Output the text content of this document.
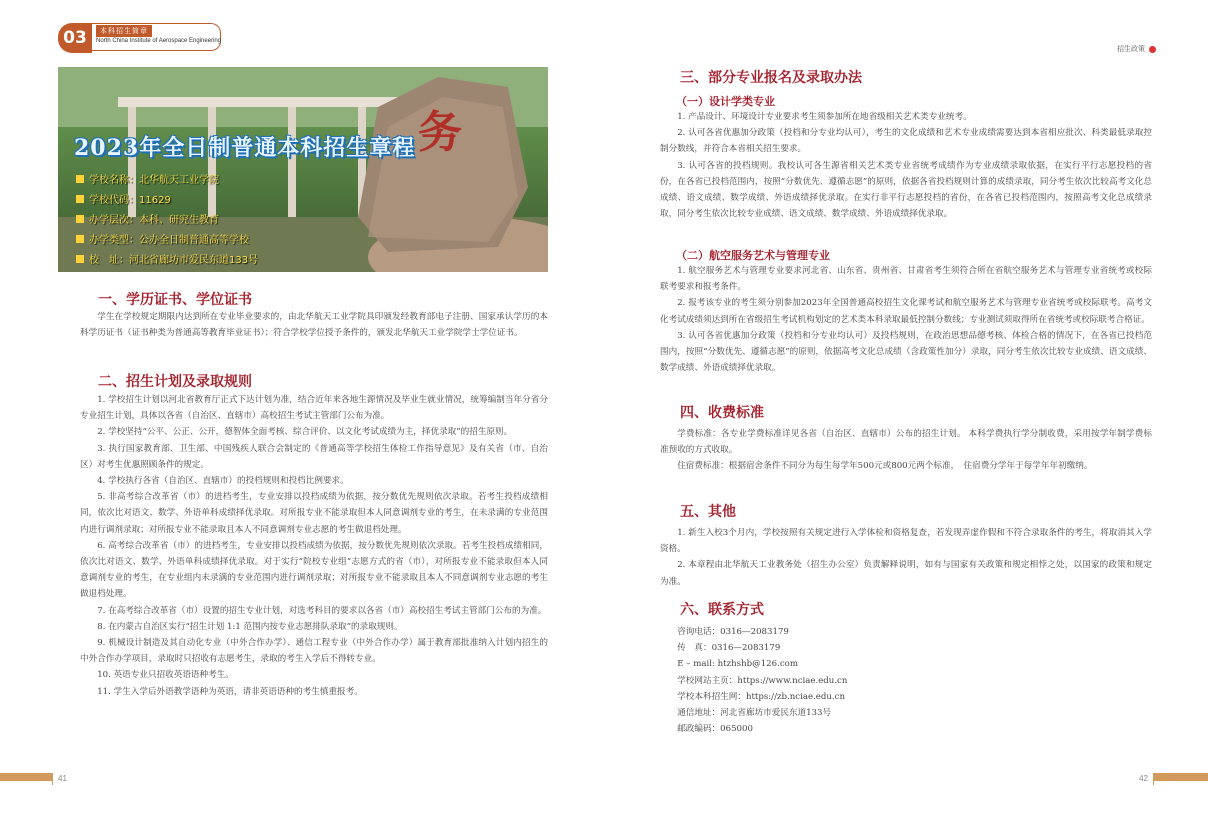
03	本科招生简章
North China Institute of Aerospace Engineering
务
2023年全日制普通本科招生章程
学校名称：北华航天工业学院
学校代码：11629
办学层次：本科、研究生教育
办学类型：公办全日制普通高等学校
校　址：河北省廊坊市爱民东道133号
一、学历证书、学位证书

学生在学校规定期限内达到所在专业毕业要求的，由北华航天工业学院具印颁发经教育部电子注册、国家承认学历的本科学历证书（证书种类为普通高等教育毕业证书）；符合学校学位授予条件的，颁发北华航天工业学院学士学位证书。

二、招生计划及录取规则

1. 学校招生计划以河北省教育厅正式下达计划为准，结合近年来各地生源情况及毕业生就业情况，统筹编制当年分省分专业招生计划，具体以各省（自治区、直辖市）高校招生考试主管部门公布为准。

2. 学校坚持“公平、公正、公开，德智体全面考核、综合评价、以文化考试成绩为主，择优录取”的招生原则。

3. 执行国家教育部、卫生部、中国残疾人联合会制定的《普通高等学校招生体检工作指导意见》及有关省（市、自治区）对考生优惠照顾条件的规定。

4. 学校执行各省（自治区、直辖市）的投档规则和投档比例要求。

5. 非高考综合改革省（市）的进档考生，专业安排以投档成绩为依据，按分数优先规则依次录取。若考生投档成绩相同，依次比对语文、数学、外语单科成绩择优录取。对所报专业不能录取但本人同意调剂专业的考生，在未录满的专业范围内进行调剂录取；对所报专业不能录取且本人不同意调剂专业志愿的考生做退档处理。

6. 高考综合改革省（市）的进档考生，专业安排以投档成绩为依据，按分数优先规则依次录取。若考生投档成绩相同，依次比对语文、数学、外语单科成绩择优录取。对于实行“院校专业组”志愿方式的省（市），对所报专业不能录取但本人同意调剂专业的考生，在专业组内未录满的专业范围内进行调剂录取；对所报专业不能录取且本人不同意调剂专业志愿的考生做退档处理。

7. 在高考综合改革省（市）设置的招生专业计划，对选考科目的要求以各省（市）高校招生考试主管部门公布的为准。

8. 在内蒙古自治区实行“招生计划 1:1 范围内按专业志愿排队录取”的录取规则。

9. 机械设计制造及其自动化专业（中外合作办学）、通信工程专业（中外合作办学）属于教育部批准纳入计划内招生的中外合作办学项目，录取时只招收有志愿考生，录取的考生入学后不得转专业。

10. 英语专业只招收英语语种考生。

11. 学生入学后外语教学语种为英语，请非英语语种的考生慎重报考。

41
招生政策
三、部分专业报名及录取办法
（一）设计学类专业

1. 产品设计、环境设计专业要求考生须参加所在地省级相关艺术类专业统考。

2. 认可各省优惠加分政策（投档和分专业均认可），考生的文化成绩和艺术专业成绩需要达到本省相应批次、科类最低录取控制分数线，并符合本省相关招生要求。

3. 认可各省的投档规则。我校认可各生源省相关艺术类专业省统考成绩作为专业成绩录取依据，在实行平行志愿投档的省份，在各省已投档范围内，按照“分数优先、遵循志愿”的原则，依据各省投档规则计算的成绩录取，同分考生依次比较高考文化总成绩、语文成绩、数学成绩、外语成绩择优录取。在实行非平行志愿投档的省份，在各省已投档范围内，按照高考文化总成绩录取，同分考生依次比较专业成绩、语文成绩、数学成绩、外语成绩择优录取。

（二）航空服务艺术与管理专业

1. 航空服务艺术与管理专业要求河北省、山东省、贵州省、甘肃省考生须符合所在省航空服务艺术与管理专业省统考或校际联考要求和报考条件。

2. 报考该专业的考生须分别参加2023年全国普通高校招生文化课考试和航空服务艺术与管理专业省统考或校际联考。高考文化考试成绩须达到所在省级招生考试机构划定的艺术类本科录取最低控制分数线；专业测试须取得所在省统考或校际联考合格证。

3. 认可各省优惠加分政策（投档和分专业均认可）及投档规则，在政治思想品德考核、体检合格的情况下，在各省已投档范围内，按照“分数优先、遵循志愿”的原则，依据高考文化总成绩（含政策性加分）录取，同分考生依次比较专业成绩、语文成绩、数学成绩、外语成绩择优录取。

四、收费标准

学费标准：各专业学费标准详见各省（自治区、直辖市）公布的招生计划。 本科学费执行学分制收费，采用按学年制学费标准预收的方式收取。

住宿费标准：根据宿舍条件不同分为每生每学年500元或800元两个标准，　住宿费分学年于每学年年初缴纳。

五、其他

1. 新生入校3个月内，学校按照有关规定进行入学体检和资格复查，若发现弄虚作假和不符合录取条件的考生，将取消其入学资格。

2. 本章程由北华航天工业教务处（招生办公室）负责解释说明，如有与国家有关政策和规定相悖之处，以国家的政策和规定为准。

六、联系方式

咨询电话：0316—2083179

传　真：0316—2083179

E – mail: htzhshb@126.com

学校网站主页：https://www.nciae.edu.cn

学校本科招生网：https://zb.nciae.edu.cn

通信地址：河北省廊坊市爱民东道133号

邮政编码：065000

42
